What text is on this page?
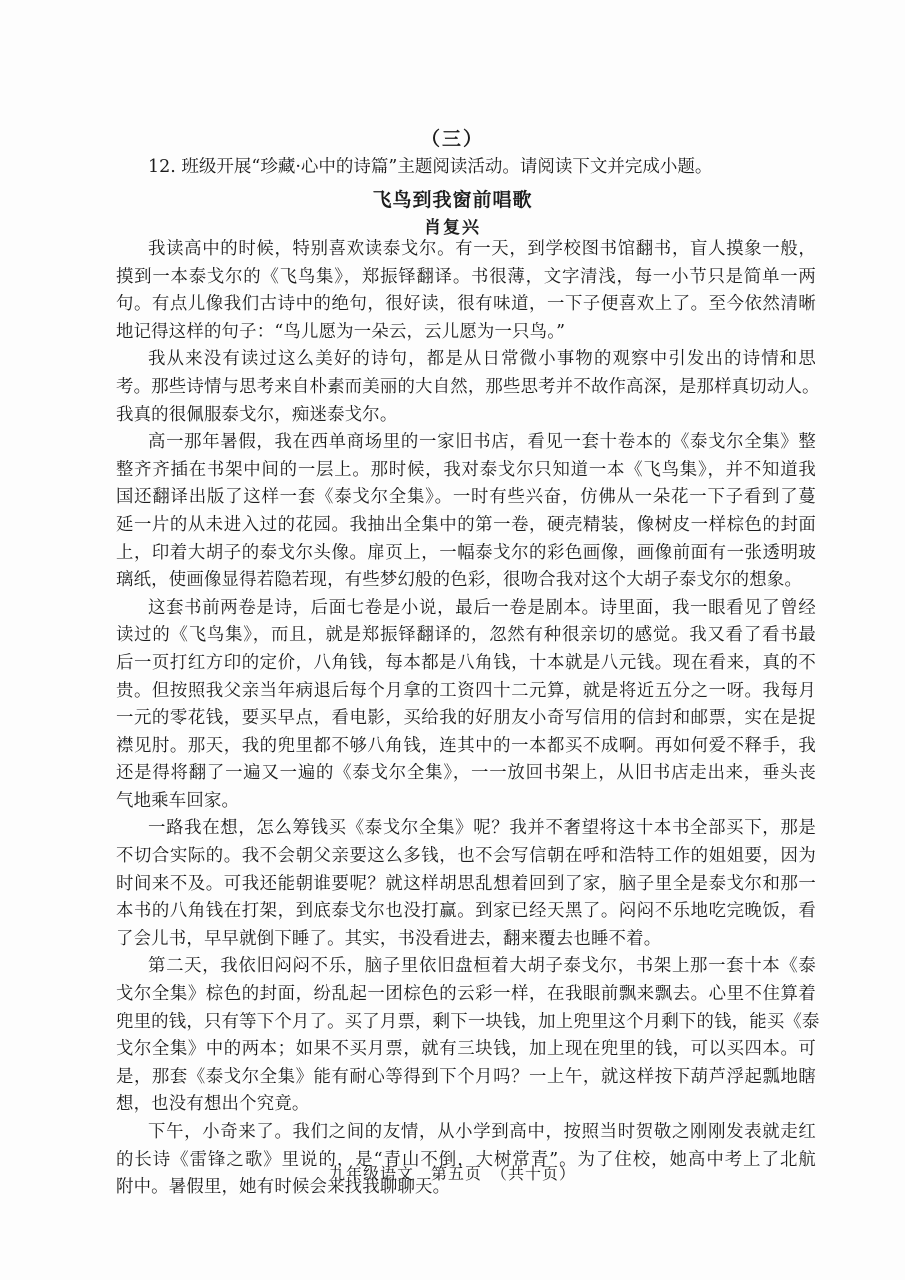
（三）
12. 班级开展“珍藏·心中的诗篇”主题阅读活动。请阅读下文并完成小题。
飞鸟到我窗前唱歌
肖复兴
我读高中的时候，特别喜欢读泰戈尔。有一天，到学校图书馆翻书，盲人摸象一般，
摸到一本泰戈尔的《飞鸟集》，郑振铎翻译。书很薄，文字清浅，每一小节只是简单一两
句。有点儿像我们古诗中的绝句，很好读，很有味道，一下子便喜欢上了。至今依然清晰
地记得这样的句子：“鸟儿愿为一朵云，云儿愿为一只鸟。”
我从来没有读过这么美好的诗句，都是从日常微小事物的观察中引发出的诗情和思
考。那些诗情与思考来自朴素而美丽的大自然，那些思考并不故作高深，是那样真切动人。
我真的很佩服泰戈尔，痴迷泰戈尔。
高一那年暑假，我在西单商场里的一家旧书店，看见一套十卷本的《泰戈尔全集》整
整齐齐插在书架中间的一层上。那时候，我对泰戈尔只知道一本《飞鸟集》，并不知道我
国还翻译出版了这样一套《泰戈尔全集》。一时有些兴奋，仿佛从一朵花一下子看到了蔓
延一片的从未进入过的花园。我抽出全集中的第一卷，硬壳精装，像树皮一样棕色的封面
上，印着大胡子的泰戈尔头像。扉页上，一幅泰戈尔的彩色画像，画像前面有一张透明玻
璃纸，使画像显得若隐若现，有些梦幻般的色彩，很吻合我对这个大胡子泰戈尔的想象。
这套书前两卷是诗，后面七卷是小说，最后一卷是剧本。诗里面，我一眼看见了曾经
读过的《飞鸟集》，而且，就是郑振铎翻译的，忽然有种很亲切的感觉。我又看了看书最
后一页打红方印的定价，八角钱，每本都是八角钱，十本就是八元钱。现在看来，真的不
贵。但按照我父亲当年病退后每个月拿的工资四十二元算，就是将近五分之一呀。我每月
一元的零花钱，要买早点，看电影，买给我的好朋友小奇写信用的信封和邮票，实在是捉
襟见肘。那天，我的兜里都不够八角钱，连其中的一本都买不成啊。再如何爱不释手，我
还是得将翻了一遍又一遍的《泰戈尔全集》，一一放回书架上，从旧书店走出来，垂头丧
气地乘车回家。
一路我在想，怎么筹钱买《泰戈尔全集》呢？我并不奢望将这十本书全部买下，那是
不切合实际的。我不会朝父亲要这么多钱，也不会写信朝在呼和浩特工作的姐姐要，因为
时间来不及。可我还能朝谁要呢？就这样胡思乱想着回到了家，脑子里全是泰戈尔和那一
本书的八角钱在打架，到底泰戈尔也没打赢。到家已经天黑了。闷闷不乐地吃完晚饭，看
了会儿书，早早就倒下睡了。其实，书没看进去，翻来覆去也睡不着。
第二天，我依旧闷闷不乐，脑子里依旧盘桓着大胡子泰戈尔，书架上那一套十本《泰
戈尔全集》棕色的封面，纷乱起一团棕色的云彩一样，在我眼前飘来飘去。心里不住算着
兜里的钱，只有等下个月了。买了月票，剩下一块钱，加上兜里这个月剩下的钱，能买《泰
戈尔全集》中的两本；如果不买月票，就有三块钱，加上现在兜里的钱，可以买四本。可
是，那套《泰戈尔全集》能有耐心等得到下个月吗？一上午，就这样按下葫芦浮起瓢地瞎
想，也没有想出个究竟。
下午，小奇来了。我们之间的友情，从小学到高中，按照当时贺敬之刚刚发表就走红
的长诗《雷锋之歌》里说的，是“青山不倒，大树常青”。为了住校，她高中考上了北航
附中。暑假里，她有时候会来找我聊聊天。
九年级语文　第五页　（共十页）
